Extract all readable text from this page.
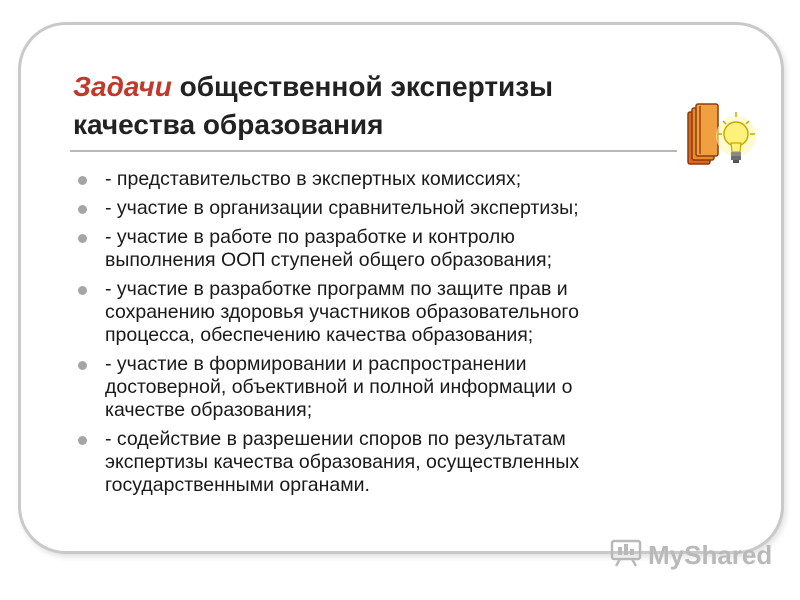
Задачи общественной экспертизы
качества образования
- представительство в экспертных комиссиях;
- участие в организации сравнительной экспертизы;
- участие в работе по разработке и контролю
выполнения ООП ступеней общего образования;
- участие в разработке программ по защите прав и
сохранению здоровья участников образовательного
процесса, обеспечению качества образования;
- участие в формировании и распространении
достоверной, объективной и полной информации о
качестве образования;
- содействие в разрешении споров по результатам
экспертизы качества образования, осуществленных
государственными органами.
MyShared
